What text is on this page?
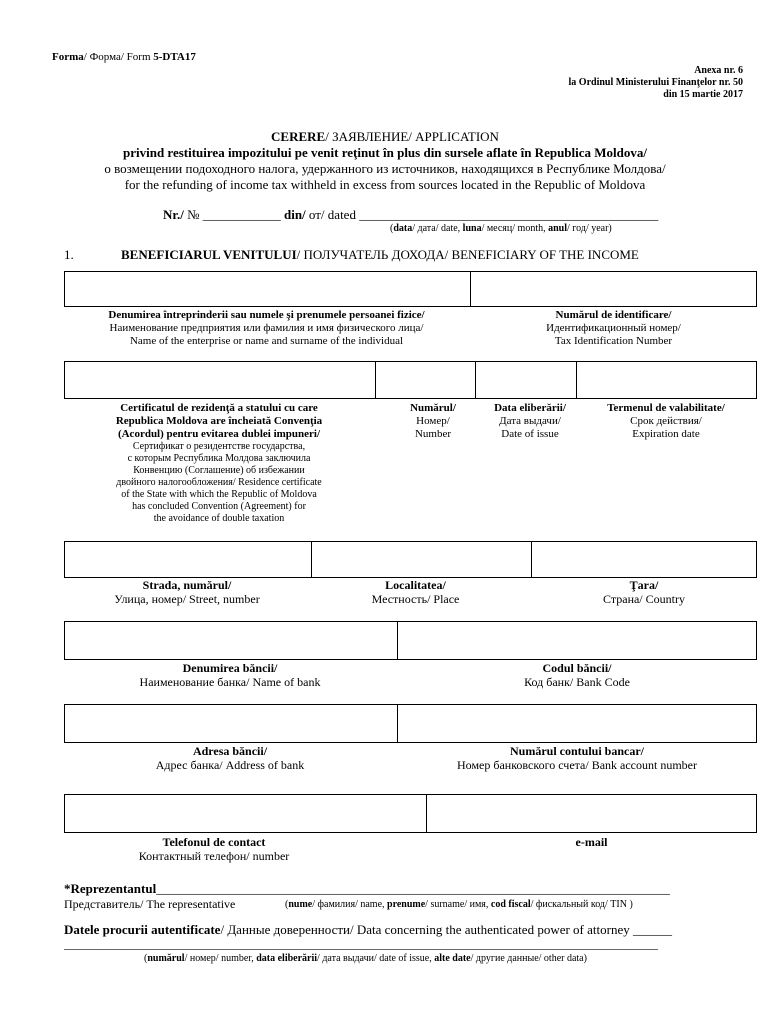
Forma/ Форма/ Form 5-DTA17
Anexa nr. 6
la Ordinul Ministerului Finanţelor nr. 50
din 15 martie 2017
CERERE/ ЗАЯВЛЕНИЕ/ APPLICATION
privind restituirea impozitului pe venit reţinut în plus din sursele aflate în Republica Moldova/
о возмещении подоходного налога, удержанного из источников, находящихся в Республике Молдова/
for the refunding of income tax withheld in excess from sources located in the Republic of Moldova
Nr./ № ____________ din/ от/ dated ______________________________________________
(data/ дата/ date, luna/ месяц/ month, anul/ год/ year)
1.	BENEFICIARUL VENITULUI/ ПОЛУЧАТЕЛЬ ДОХОДА/ BENEFICIARY OF THE INCOME
Denumirea întreprinderii sau numele şi prenumele persoanei fizice/
Наименование предприятия или фамилия и имя физического лица/
Name of the enterprise or name and surname of the individual
Numărul de identificare/
Идентификационный номер/
Tax Identification Number
Certificatul de rezidenţă a statului cu care
Republica Moldova are încheiată Convenţia
(Acordul) pentru evitarea dublei impuneri/
Сертификат о резидентстве государства,
с которым Республика Молдова заключила
Конвенцию (Соглашение) об избежании
двойного налогообложения/ Residence certificate
of the State with which the Republic of Moldova
has concluded Convention (Agreement) for
the avoidance of double taxation
Numărul/
Номер/
Number
Data eliberării/
Дата выдачи/
Date of issue
Termenul de valabilitate/
Срок действия/
Expiration date
Strada, numărul/
Улица, номер/ Street, number
Localitatea/
Местность/ Place
Ţara/
Страна/ Country
Denumirea băncii/
Наименование банка/ Name of bank
Codul băncii/
Код банк/ Bank Code
Adresa băncii/
Адрес банка/ Address of bank
Numărul contului bancar/
Номер банковского счета/ Bank account number
Telefonul de contact
Контактный телефон/ number
e-mail
*Reprezentantul_______________________________________________________________________________
Представитель/ The representative	(nume/ фамилия/ name, prenume/ surname/ имя, cod fiscal/ фискальный код/ TIN )
Datele procurii autentificate/ Данные доверенности/ Data concerning the authenticated power of attorney ______
___________________________________________________________________________________________________
(numărul/ номер/ number, data eliberării/ дата выдачи/ date of issue, alte date/ другие данные/ other data)
